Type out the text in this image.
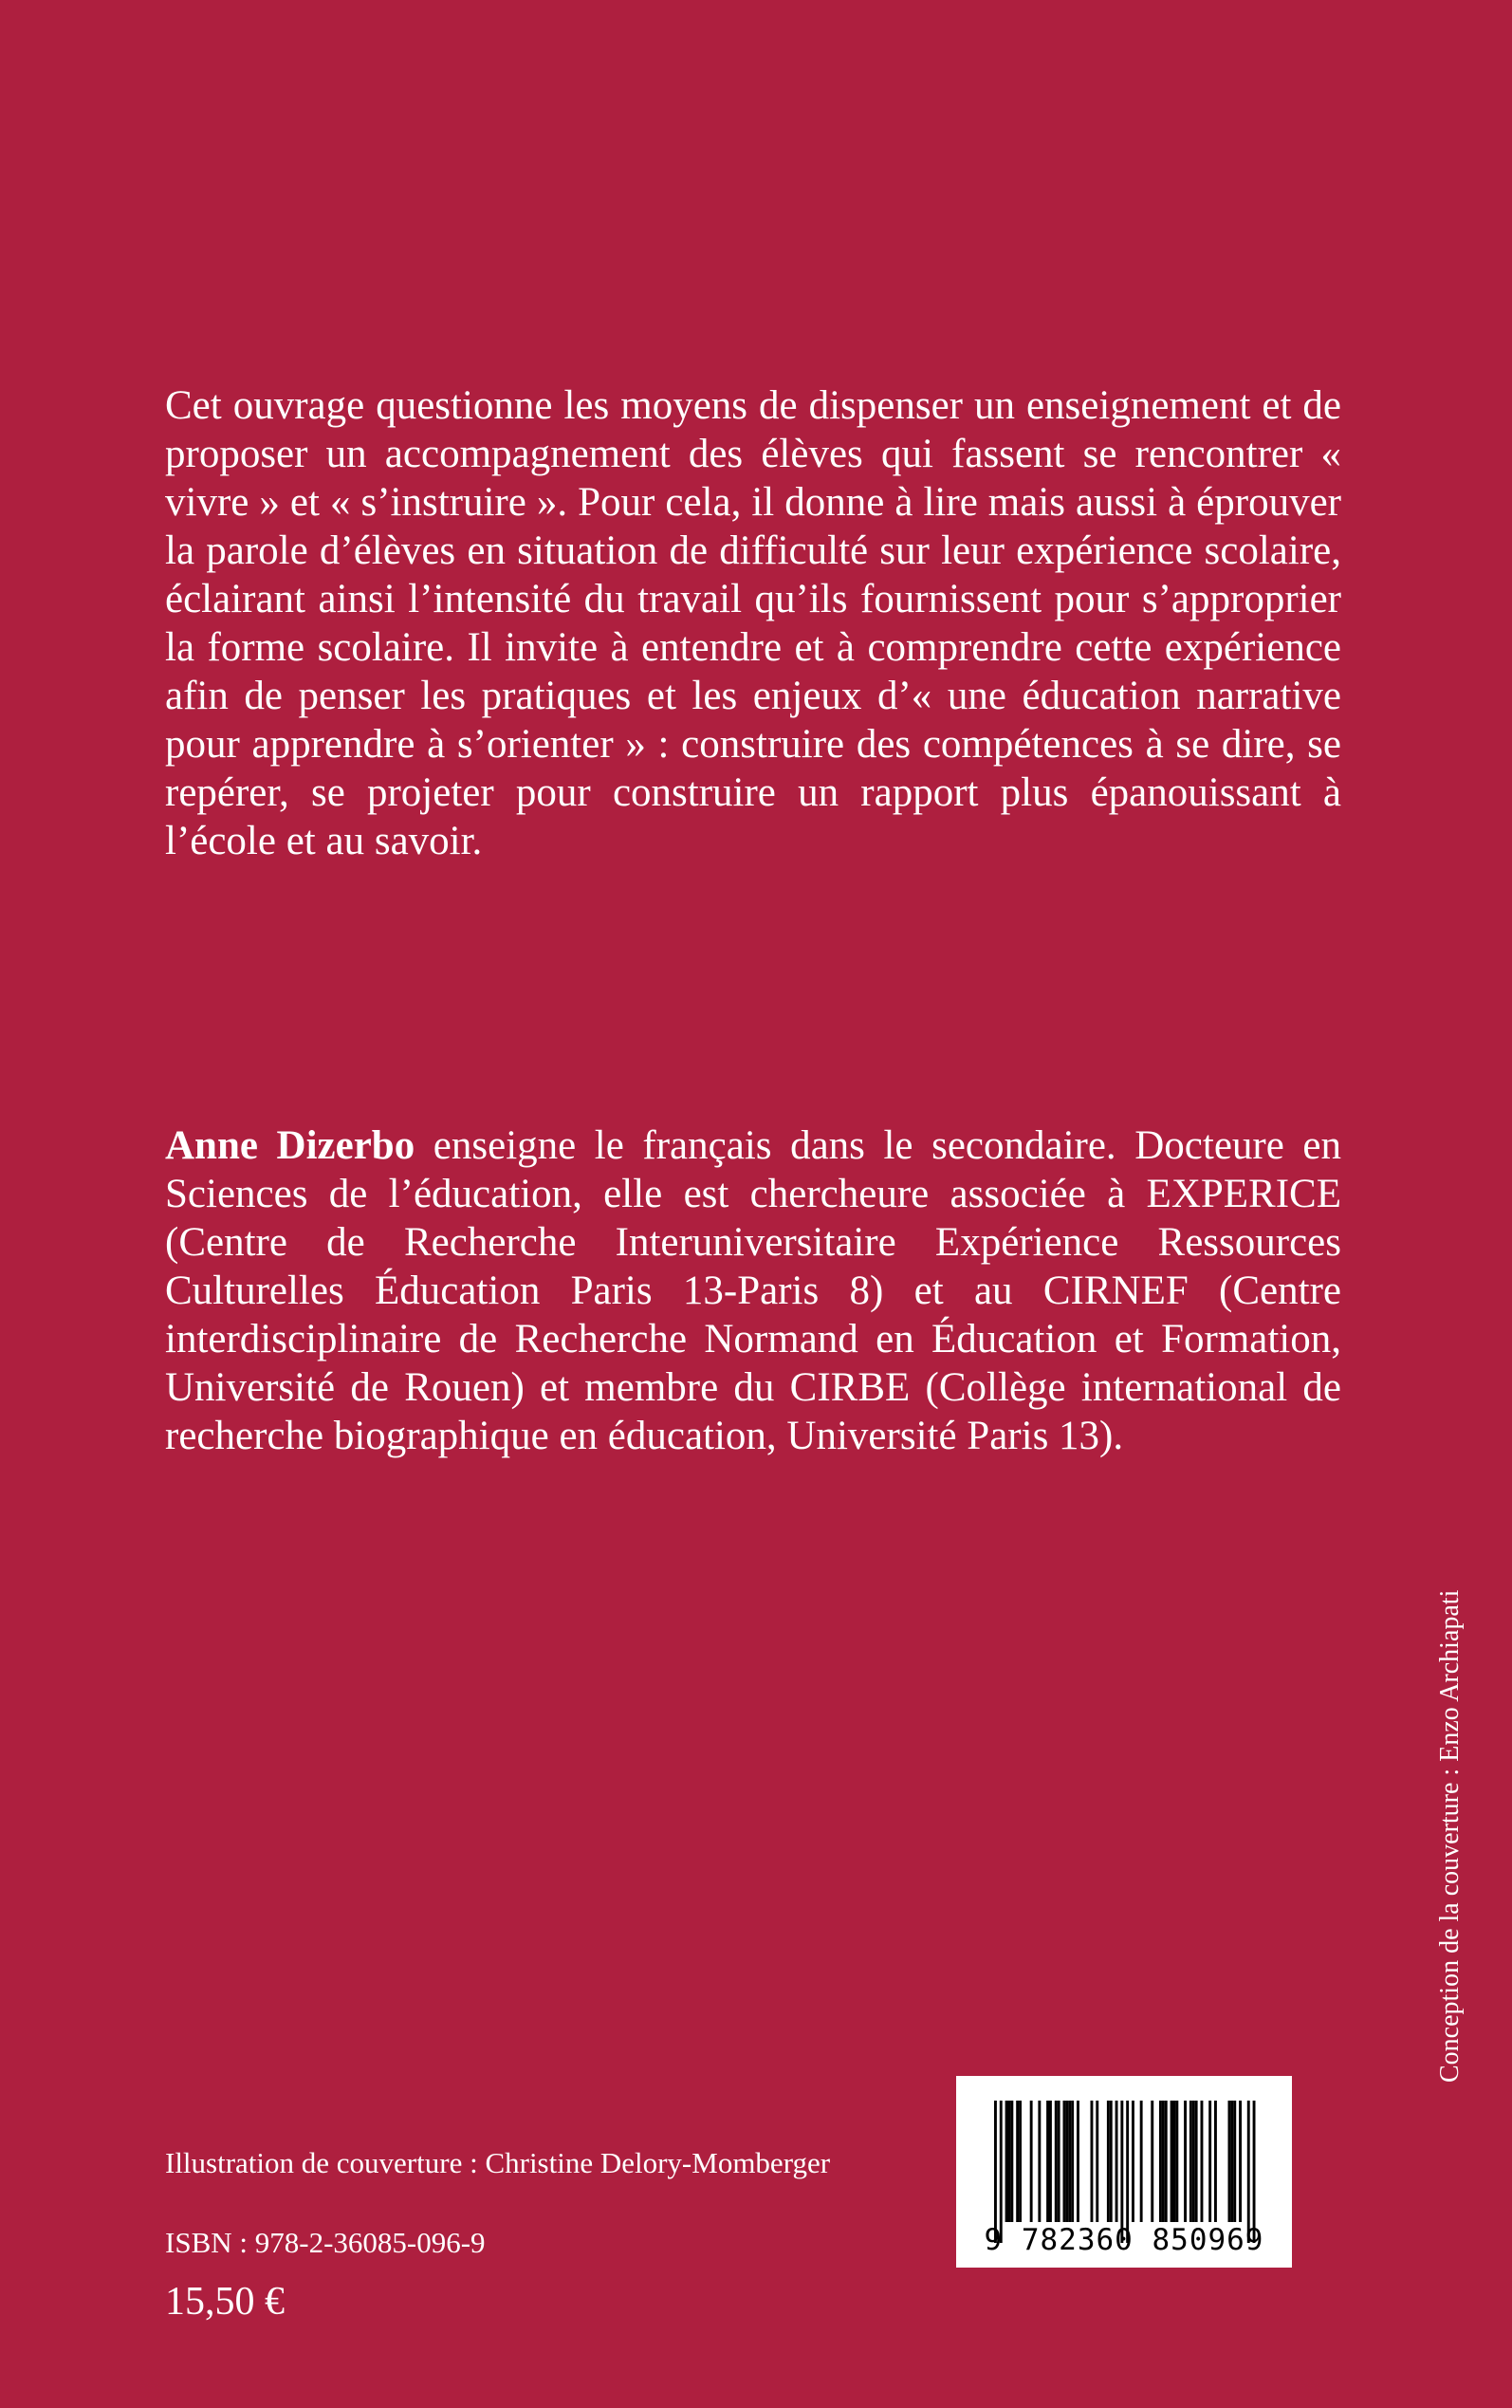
Cet ouvrage questionne les moyens de dispenser un enseignement et de proposer un accompagnement des élèves qui fassent se rencontrer « vivre » et « s’instruire ». Pour cela, il donne à lire mais aussi à éprouver la parole d’élèves en situation de difficulté sur leur expérience scolaire, éclairant ainsi l’intensité du travail qu’ils fournissent pour s’approprier la forme scolaire. Il invite à entendre et à comprendre cette expérience afin de penser les pratiques et les enjeux d’« une éducation narrative pour apprendre à s’orienter » : construire des compétences à se dire, se repérer, se projeter pour construire un rapport plus épanouissant à l’école et au savoir.

Anne Dizerbo enseigne le français dans le secondaire. Docteure en Sciences de l’éducation, elle est chercheure associée à EXPERICE (Centre de Recherche Interuniversitaire Expérience Ressources Culturelles Éducation Paris 13-Paris 8) et au CIRNEF (Centre interdisciplinaire de Recherche Normand en Éducation et Formation, Université de Rouen) et membre du CIRBE (Collège international de recherche biographique en éducation, Université Paris 13).

Illustration de couverture : Christine Delory-Momberger

ISBN : 978-2-36085-096-9

15,50 €

Conception de la couverture : Enzo Archiapati
9 782360 850969
